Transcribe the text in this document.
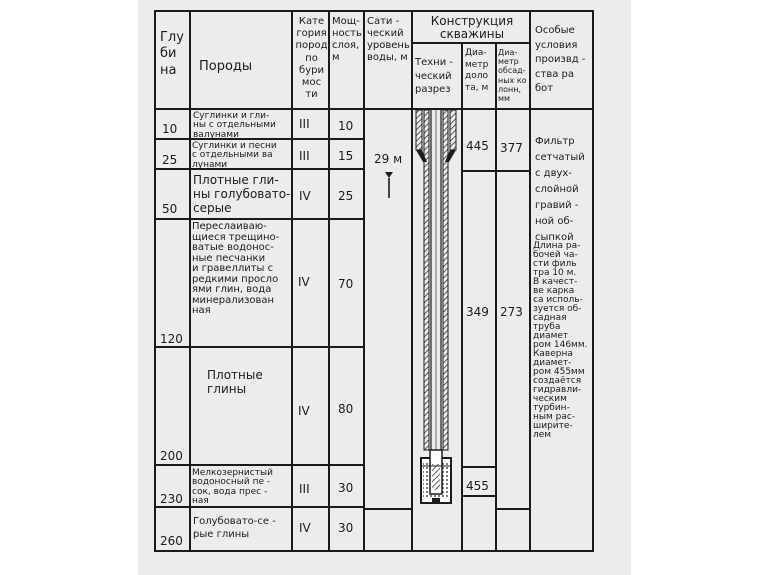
Глу
би
на	Породы
Кате
гория
пород
по
бури
мос
ти
Мощ-
ность
слоя,
м
Сати -
ческий
уровень
воды, м
Конструкция
скважины
Техни -
ческий
разрез
Диа-
метр
доло
та, м
Диа-
метр
обсад-
ных ко
лонн,
мм
Особые
условия
произвд -
ства ра
бот
10
25
50
120
200
230
260
Суглинки и гли-
ны с отдельными
валунами
Суглинки и песни
с отдельными ва
лунами
Плотные гли-
ны голубовато-
серые
Переслаиваю-
щиеся трещино-
ватые водонос-
ные песчанки
и гравеллиты с
редкими просло
ями глин, вода
минерализован
ная
Плотные
глины
Мелкозернистый
водоносный пе -
сок, вода прес -
ная
Голубовато-се -
рые глины
III
III
IV
IV
IV
III
IV
10
15
25
70
80
30
30
29 м
445
349
455
377
273
Фильтр
сетчатый
с двух-
слойной
гравий -
ной об-
сыпкой
Длина ра-
бочей ча-
сти филь
тра 10 м.
В качест-
ве карка
са исполь-
зуется об-
садная
труба
диамет
ром 146мм.
Каверна
диамет-
ром 455мм
создаётся
гидравли-
ческим
турбин-
ным рас-
ширите-
лем
